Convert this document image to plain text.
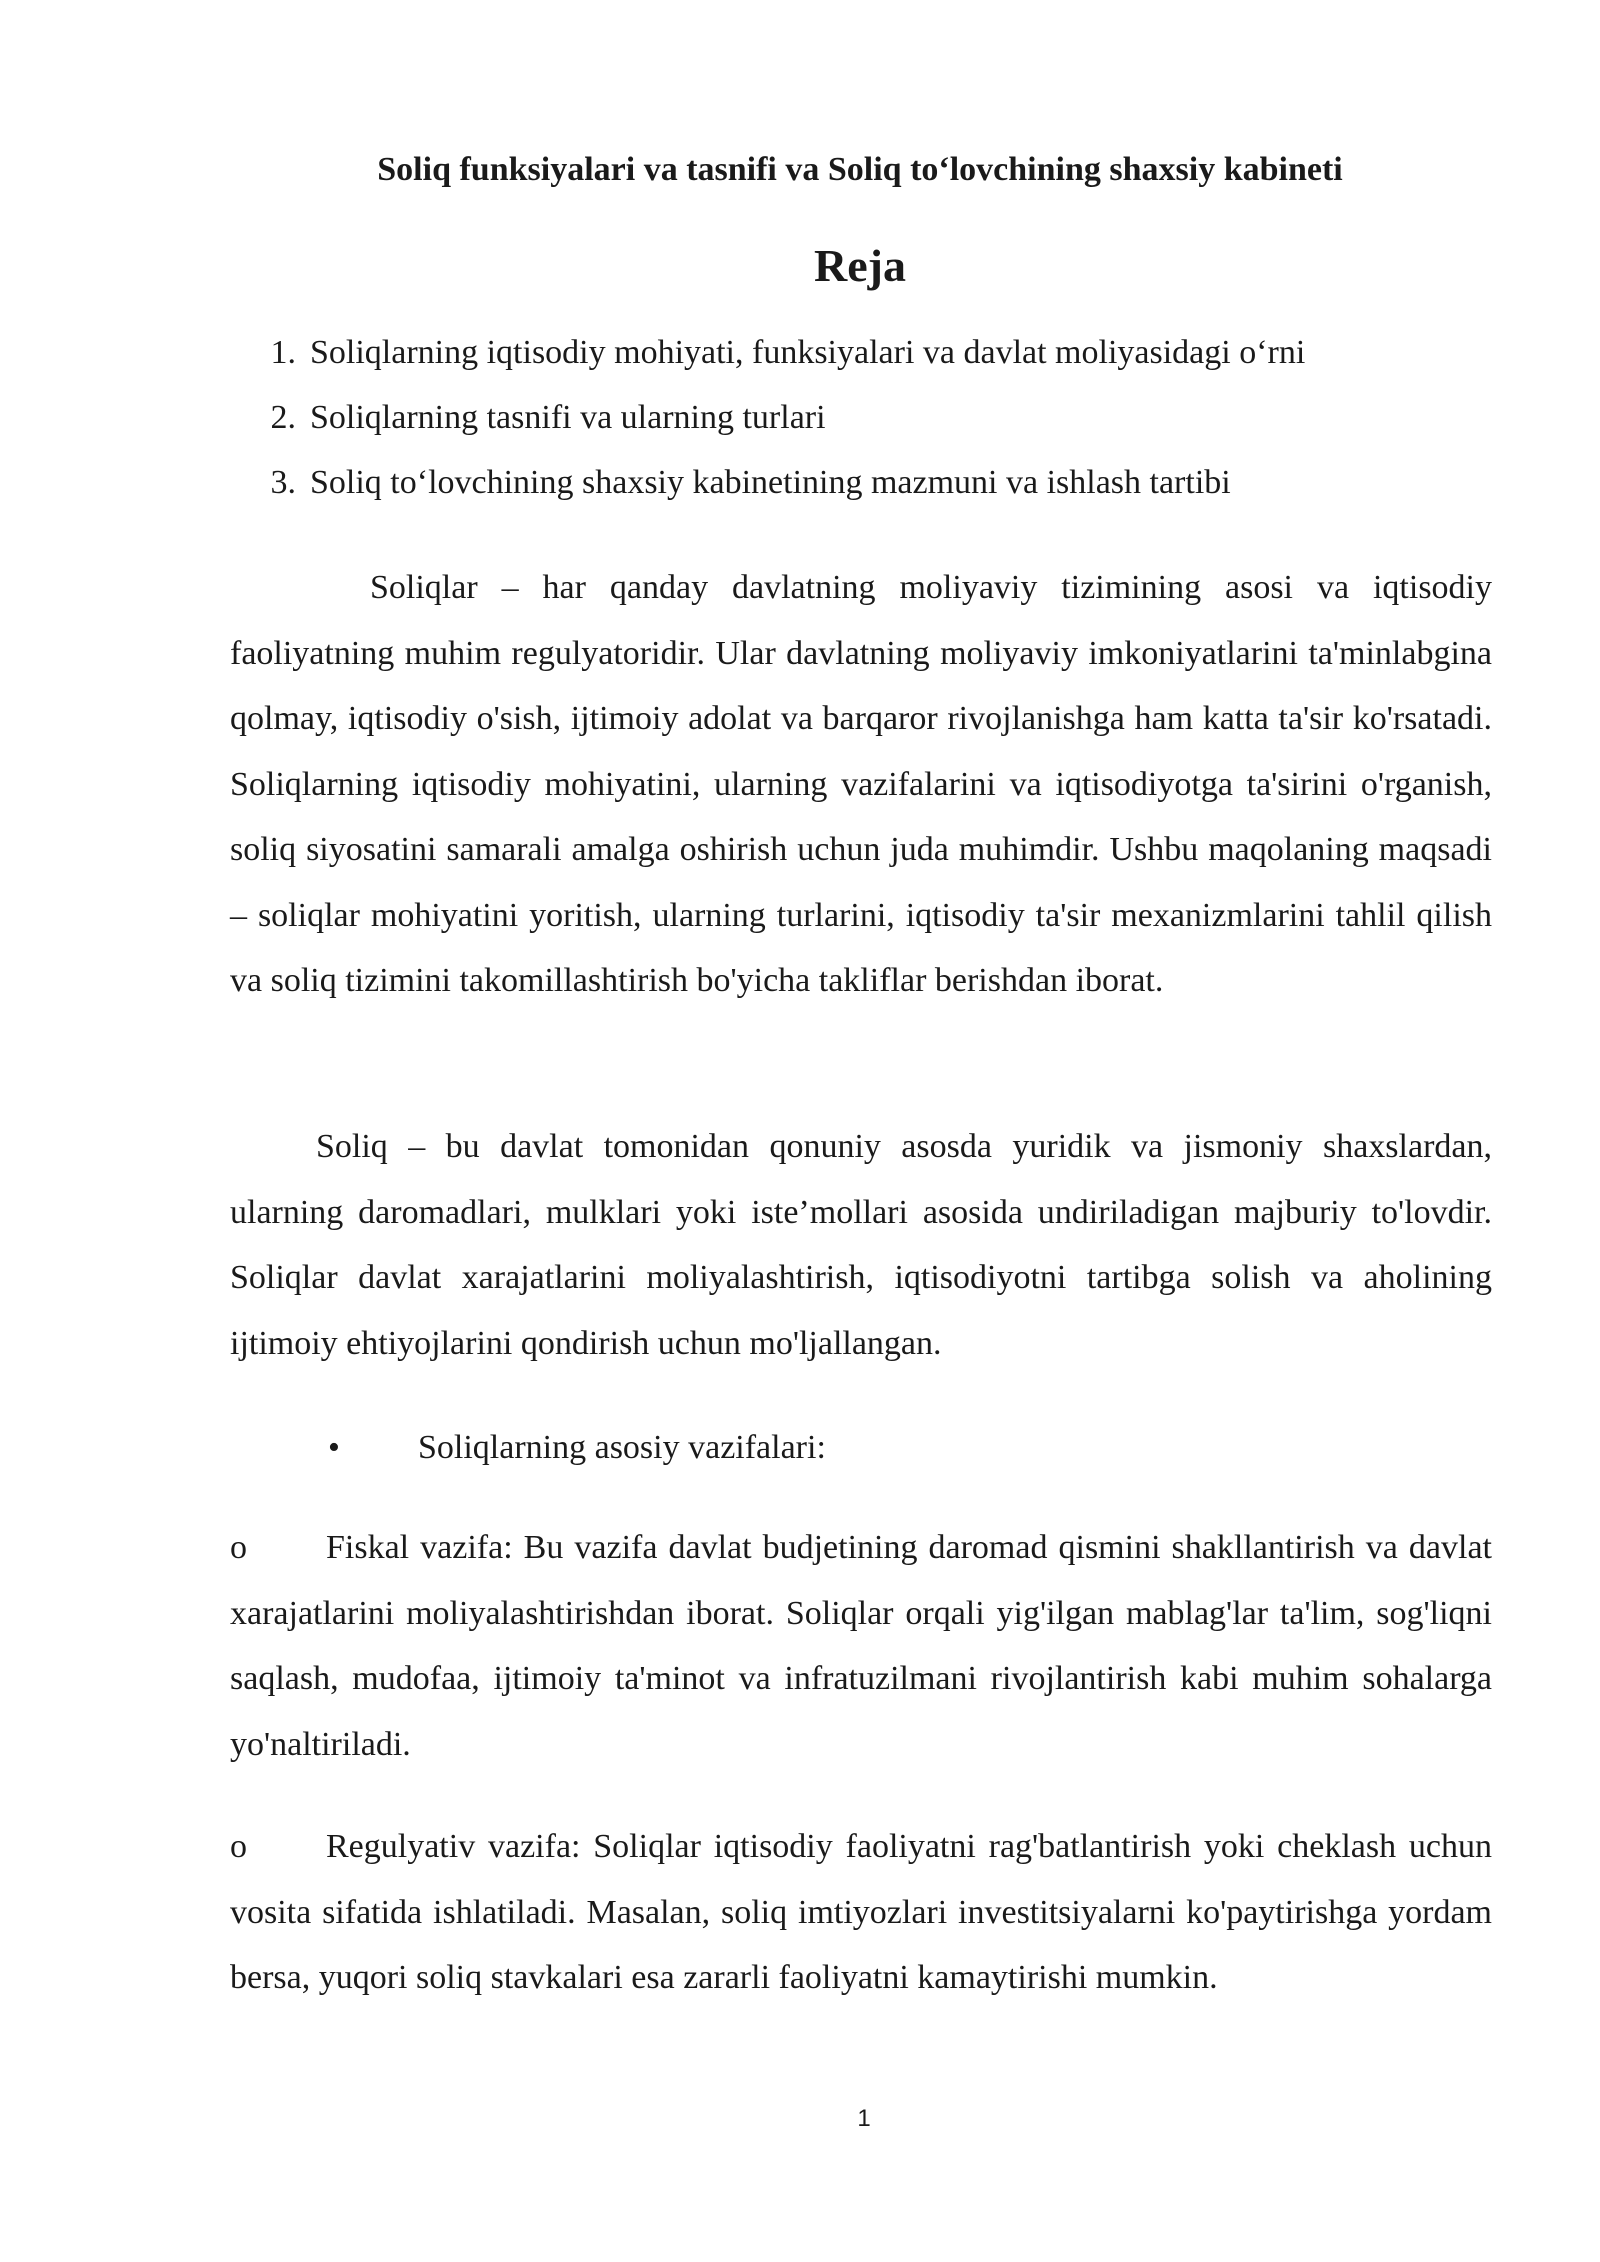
Soliq funksiyalari va tasnifi va Soliq to‘lovchining shaxsiy kabineti
Reja
1. Soliqlarning iqtisodiy mohiyati, funksiyalari va davlat moliyasidagi o‘rni
2. Soliqlarning tasnifi va ularning turlari
3. Soliq to‘lovchining shaxsiy kabinetining mazmuni va ishlash tartibi

Soliqlar – har qanday davlatning moliyaviy tizimining asosi va iqtisodiy faoliyatning muhim regulyatoridir. Ular davlatning moliyaviy imkoniyatlarini ta'minlabgina qolmay, iqtisodiy o'sish, ijtimoiy adolat va barqaror rivojlanishga ham katta ta'sir ko'rsatadi. Soliqlarning iqtisodiy mohiyatini, ularning vazifalarini va iqtisodiyotga ta'sirini o'rganish, soliq siyosatini samarali amalga oshirish uchun juda muhimdir. Ushbu maqolaning maqsadi – soliqlar mohiyatini yoritish, ularning turlarini, iqtisodiy ta'sir mexanizmlarini tahlil qilish va soliq tizimini takomillashtirish bo'yicha takliflar berishdan iborat.

Soliq – bu davlat tomonidan qonuniy asosda yuridik va jismoniy shaxslardan, ularning daromadlari, mulklari yoki iste’mollari asosida undiriladigan majburiy to'lovdir. Soliqlar davlat xarajatlarini moliyalashtirish, iqtisodiyotni tartibga solish va aholining ijtimoiy ehtiyojlarini qondirish uchun mo'ljallangan.

• Soliqlarning asosiy vazifalari:

o Fiskal vazifa: Bu vazifa davlat budjetining daromad qismini shakllantirish va davlat xarajatlarini moliyalashtirishdan iborat. Soliqlar orqali yig'ilgan mablag'lar ta'lim, sog'liqni saqlash, mudofaa, ijtimoiy ta'minot va infratuzilmani rivojlantirish kabi muhim sohalarga yo'naltiriladi.

o Regulyativ vazifa: Soliqlar iqtisodiy faoliyatni rag'batlantirish yoki cheklash uchun vosita sifatida ishlatiladi. Masalan, soliq imtiyozlari investitsiyalarni ko'paytirishga yordam bersa, yuqori soliq stavkalari esa zararli faoliyatni kamaytirishi mumkin.

1
